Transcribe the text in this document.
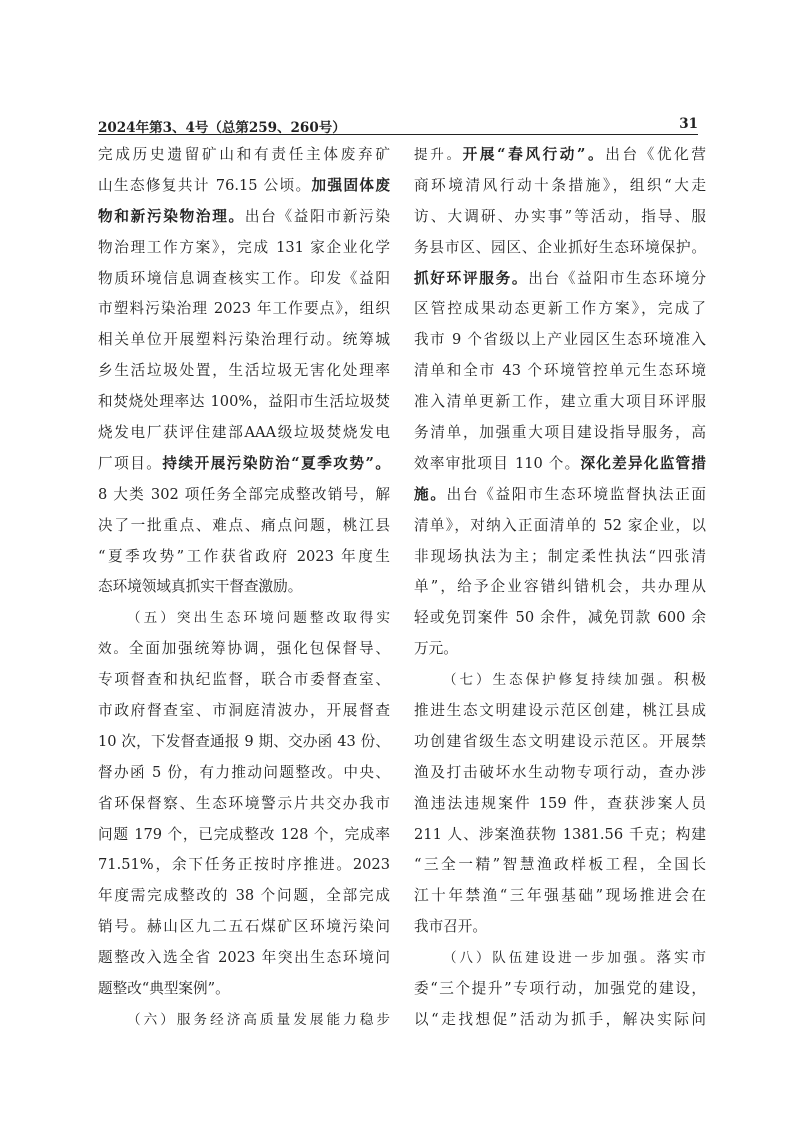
2024年第3、4号（总第259、260号）	31
完成历史遗留矿山和有责任主体废弃矿
山生态修复共计 76.15 公顷。加强固体废
物和新污染物治理。出台《益阳市新污染
物治理工作方案》，完成 131 家企业化学
物质环境信息调查核实工作。印发《益阳
市塑料污染治理 2023 年工作要点》，组织
相关单位开展塑料污染治理行动。统筹城
乡生活垃圾处置，生活垃圾无害化处理率
和焚烧处理率达 100%，益阳市生活垃圾焚
烧发电厂获评住建部AAA级垃圾焚烧发电
厂项目。持续开展污染防治“夏季攻势”。
8 大类 302 项任务全部完成整改销号，解
决了一批重点、难点、痛点问题，桃江县
“夏季攻势”工作获省政府 2023 年度生
态环境领域真抓实干督查激励。
（五）突出生态环境问题整改取得实
效。全面加强统筹协调，强化包保督导、
专项督查和执纪监督，联合市委督查室、
市政府督查室、市洞庭清波办，开展督查
10 次，下发督查通报 9 期、交办函 43 份、
督办函 5 份，有力推动问题整改。中央、
省环保督察、生态环境警示片共交办我市
问题 179 个，已完成整改 128 个，完成率
71.51%，余下任务正按时序推进。2023
年度需完成整改的 38 个问题，全部完成
销号。赫山区九二五石煤矿区环境污染问
题整改入选全省 2023 年突出生态环境问
题整改“典型案例”。
（六）服务经济高质量发展能力稳步
提升。开展“春风行动”。出台《优化营
商环境清风行动十条措施》，组织“大走
访、大调研、办实事”等活动，指导、服
务县市区、园区、企业抓好生态环境保护。
抓好环评服务。出台《益阳市生态环境分
区管控成果动态更新工作方案》，完成了
我市 9 个省级以上产业园区生态环境准入
清单和全市 43 个环境管控单元生态环境
准入清单更新工作，建立重大项目环评服
务清单，加强重大项目建设指导服务，高
效率审批项目 110 个。深化差异化监管措
施。出台《益阳市生态环境监督执法正面
清单》，对纳入正面清单的 52 家企业，以
非现场执法为主；制定柔性执法“四张清
单”，给予企业容错纠错机会，共办理从
轻或免罚案件 50 余件，减免罚款 600 余
万元。
（七）生态保护修复持续加强。积极
推进生态文明建设示范区创建，桃江县成
功创建省级生态文明建设示范区。开展禁
渔及打击破坏水生动物专项行动，查办涉
渔违法违规案件 159 件，查获涉案人员
211 人、涉案渔获物 1381.56 千克；构建
“三全一精”智慧渔政样板工程，全国长
江十年禁渔“三年强基础”现场推进会在
我市召开。
（八）队伍建设进一步加强。落实市
委“三个提升”专项行动，加强党的建设，
以“走找想促”活动为抓手，解决实际问
